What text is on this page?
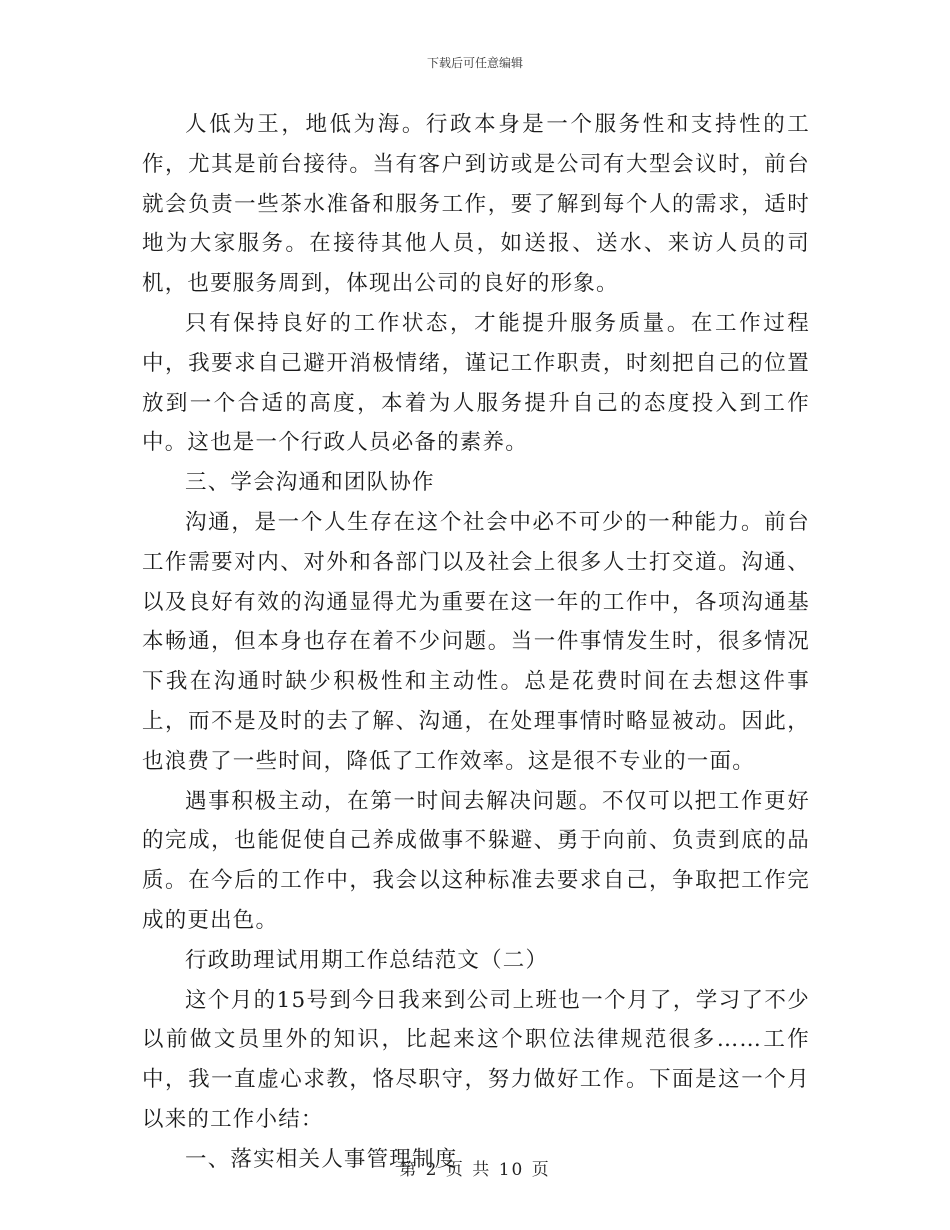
下载后可任意编辑

人低为王，地低为海。行政本身是一个服务性和支持性的工作，尤其是前台接待。当有客户到访或是公司有大型会议时，前台就会负责一些茶水准备和服务工作，要了解到每个人的需求，适时地为大家服务。在接待其他人员，如送报、送水、来访人员的司机，也要服务周到，体现出公司的良好的形象。

只有保持良好的工作状态，才能提升服务质量。在工作过程中，我要求自己避开消极情绪，谨记工作职责，时刻把自己的位置放到一个合适的高度，本着为人服务提升自己的态度投入到工作中。这也是一个行政人员必备的素养。

三、学会沟通和团队协作

沟通，是一个人生存在这个社会中必不可少的一种能力。前台工作需要对内、对外和各部门以及社会上很多人士打交道。沟通、以及良好有效的沟通显得尤为重要在这一年的工作中，各项沟通基本畅通，但本身也存在着不少问题。当一件事情发生时，很多情况下我在沟通时缺少积极性和主动性。总是花费时间在去想这件事上，而不是及时的去了解、沟通，在处理事情时略显被动。因此，也浪费了一些时间，降低了工作效率。这是很不专业的一面。

遇事积极主动，在第一时间去解决问题。不仅可以把工作更好的完成，也能促使自己养成做事不躲避、勇于向前、负责到底的品质。在今后的工作中，我会以这种标准去要求自己，争取把工作完成的更出色。

行政助理试用期工作总结范文（二）

这个月的15号到今日我来到公司上班也一个月了，学习了不少以前做文员里外的知识，比起来这个职位法律规范很多……工作中，我一直虚心求教，恪尽职守，努力做好工作。下面是这一个月以来的工作小结：

一、落实相关人事管理制度

第 2 页 共 10 页
